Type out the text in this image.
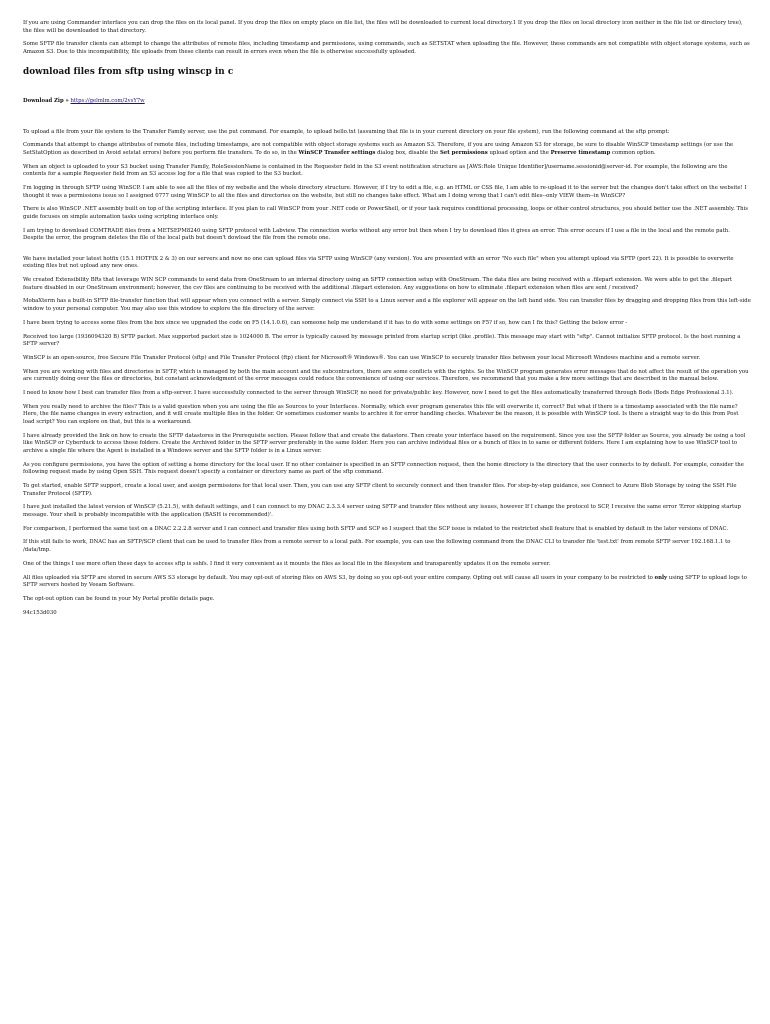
If you are using Commander interface you can drop the files on its local panel. If you drop the files on empty place on file list, the files will be downloaded to current local directory.1 If you drop the files on local directory icon neither in the file list or directory tree), the files will be downloaded to that directory.

Some SFTP file transfer clients can attempt to change the attributes of remote files, including timestamp and permissions, using commands, such as SETSTAT when uploading the file. However, these commands are not compatible with object storage systems, such as Amazon S3. Due to this incompatibility, file uploads from these clients can result in errors even when the file is otherwise successfully uploaded.

download files from sftp using winscp in c

Download Zip » https://gelmlm.com/2vsY7w

To upload a file from your file system to the Transfer Family server, use the put command. For example, to upload hello.txt (assuming that file is in your current directory on your file system), run the following command at the sftp prompt:

Commands that attempt to change attributes of remote files, including timestamps, are not compatible with object storage systems such as Amazon S3. Therefore, if you are using Amazon S3 for storage, be sure to disable WinSCP timestamp settings (or use the SetStatOption as described in Avoid setstat errors) before you perform file transfers. To do so, in the WinSCP Transfer settings dialog box, disable the Set permissions upload option and the Preserve timestamp common option.

When an object is uploaded to your S3 bucket using Transfer Family, RoleSessionName is contained in the Requester field in the S3 event notification structure as [AWS:Role Unique Identifier]/username.sessionid@server-id. For example, the following are the contents for a sample Requester field from an S3 access log for a file that was copied to the S3 bucket.

I'm logging in through SFTP using WinSCP. I am able to see all the files of my website and the whole directory structure. However, if I try to edit a file, e.g. an HTML or CSS file, I am able to re-upload it to the server but the changes don't take effect on the website! I thought it was a permissions issue so I assigned 0777 using WinSCP to all the files and directories on the website, but still no changes take effect. What am I doing wrong that I can't edit files--only VIEW them--in WinSCP?

There is also WinSCP .NET assembly built on top of the scripting interface. If you plan to call WinSCP from your .NET code or PowerShell, or if your task requires conditional processing, loops or other control structures, you should better use the .NET assembly. This guide focuses on simple automation tasks using scripting interface only.

I am trying to download COMTRADE files from a METSEPM8240 using SFTP protocol with Labview. The connection works without any error but then when I try to download files it gives an error. This error occurs if I use a file in the local and the remote path. Despite the error, the program deletes the file of the local path but doesn't dowload the file from the remote one.

We have installed your latest hotfix (15.1 HOTFIX 2 & 3) on our servers and now no one can upload files via SFTP using WinSCP (any version). You are presented with an error "No such file" when you attempt upload via SFTP (port 22). It is possible to overwrite existing files but not upload any new ones.

We created Extensibility BRs that leverage WIN SCP commands to send data from OneStream to an internal directory using an SFTP connection setup with OneStream. The data files are being received with a .filepart extension. We were able to get the .filepart feature disabled in our OneStream environment; however, the csv files are continuing to be received with the additional .filepart extension. Any suggestions on how to eliminate .filepart extension when files are sent / received?

MobaXterm has a built-in SFTP file-transfer function that will appear when you connect with a server. Simply connect via SSH to a Linux server and a file explorer will appear on the left hand side. You can transfer files by dragging and dropping files from this left-side window to your personal computer. You may also use this window to explore the file directory of the server.

I have been trying to access some files from the box since we upgraded the code on F5 (14.1.0.6), can someone help me understand if it has to do with some settings on F5? if so, how can I fix this? Getting the below error -

Received too large (1936094320 B) SFTP packet. Max supported packet size is 1024000 B. The error is typically caused by message printed from startup script (like .profile). This message may start with "sftp". Cannot initialize SFTP protocol. Is the host running a SFTP server?

WinSCP is an open-source, free Secure File Transfer Protocol (sftp) and File Transfer Protocol (ftp) client for Microsoft® Windows®. You can use WinSCP to securely transfer files between your local Microsoft Windows machine and a remote server.

When you are working with files and directories in SFTP, which is managed by both the main account and the subcontractors, there are some conflicts with the rights. So the WinSCP program generates error messages that do not affect the result of the operation you are currently doing over the files or directories, but constant acknowledgment of the error messages could reduce the convenience of using our services. Therefore, we recommend that you make a few more settings that are described in the manual below.

I need to know how I best can transfer files from a sftp-server. I have successfully connected to the server through WinSCP, no need for private/public key. However, now I need to get the files automatically transferred through Bods (Bods Edge Professional 3.1).

When you really need to archive the files? This is a valid question when you are using the file as Sources to your Interfaces. Normally, which ever program generates this file will overwrite it, correct? But what if there is a timestamp associated with the file name? Here, the file name changes in every extraction, and it will create multiple files in the folder. Or sometimes customer wants to archive it for error handling checks. Whatever be the reason, it is possible with WinSCP tool. Is there a straight way to do this from Post load script? You can explore on that, but this is a workaround.

I have already provided the link on how to create the SFTP datastores in the Prerequisite section. Please follow that and create the datastore. Then create your interface based on the requirement. Since you use the SFTP folder as Source, you already be using a tool like WinSCP or Cyberduck to access those folders. Create the Archived folder in the SFTP server preferably in the same folder. Here you can archive individual files or a bunch of files in to same or different folders. Here I am explaining how to use WinSCP tool to archive a single file where the Agent is installed in a Windows server and the SFTP folder is in a Linux server.

As you configure permissions, you have the option of setting a home directory for the local user. If no other container is specified in an SFTP connection request, then the home directory is the directory that the user connects to by default. For example, consider the following request made by using Open SSH. This request doesn't specify a container or directory name as part of the sftp command.

To get started, enable SFTP support, create a local user, and assign permissions for that local user. Then, you can use any SFTP client to securely connect and then transfer files. For step-by-step guidance, see Connect to Azure Blob Storage by using the SSH File Transfer Protocol (SFTP).

I have just installed the latest version of WinSCP (5.21.5), with default settings, and I can connect to my DNAC 2.3.3.4 server using SFTP and transfer files without any issues, however If I change the protocol to SCP, I receive the same error 'Error skipping startup message. Your shell is probably incompatible with the application (BASH is recommended)'.

For comparison, I performed the same test on a DNAC 2.2.2.8 server and I can connect and transfer files using both SFTP and SCP so I suspect that the SCP issue is related to the restricted shell feature that is enabled by default in the later versions of DNAC.

If this still fails to work, DNAC has an SFTP/SCP client that can be used to transfer files from a remote server to a local path. For example, you can use the following command from the DNAC CLI to transfer file 'test.txt' from remote SFTP server 192.168.1.1 to /data/tmp.

One of the things I use more often these days to access sftp is sshfs. I find it very convenient as it mounts the files as local file in the filesystem and transparently updates it on the remote server.

All files uploaded via SFTP are stored in secure AWS S3 storage by default. You may opt-out of storing files on AWS S3, by doing so you opt-out your entire company. Opting out will cause all users in your company to be restricted to only using SFTP to upload logs to SFTP servers hosted by Veeam Software.

The opt-out option can be found in your My Portal profile details page.

94c153d030
